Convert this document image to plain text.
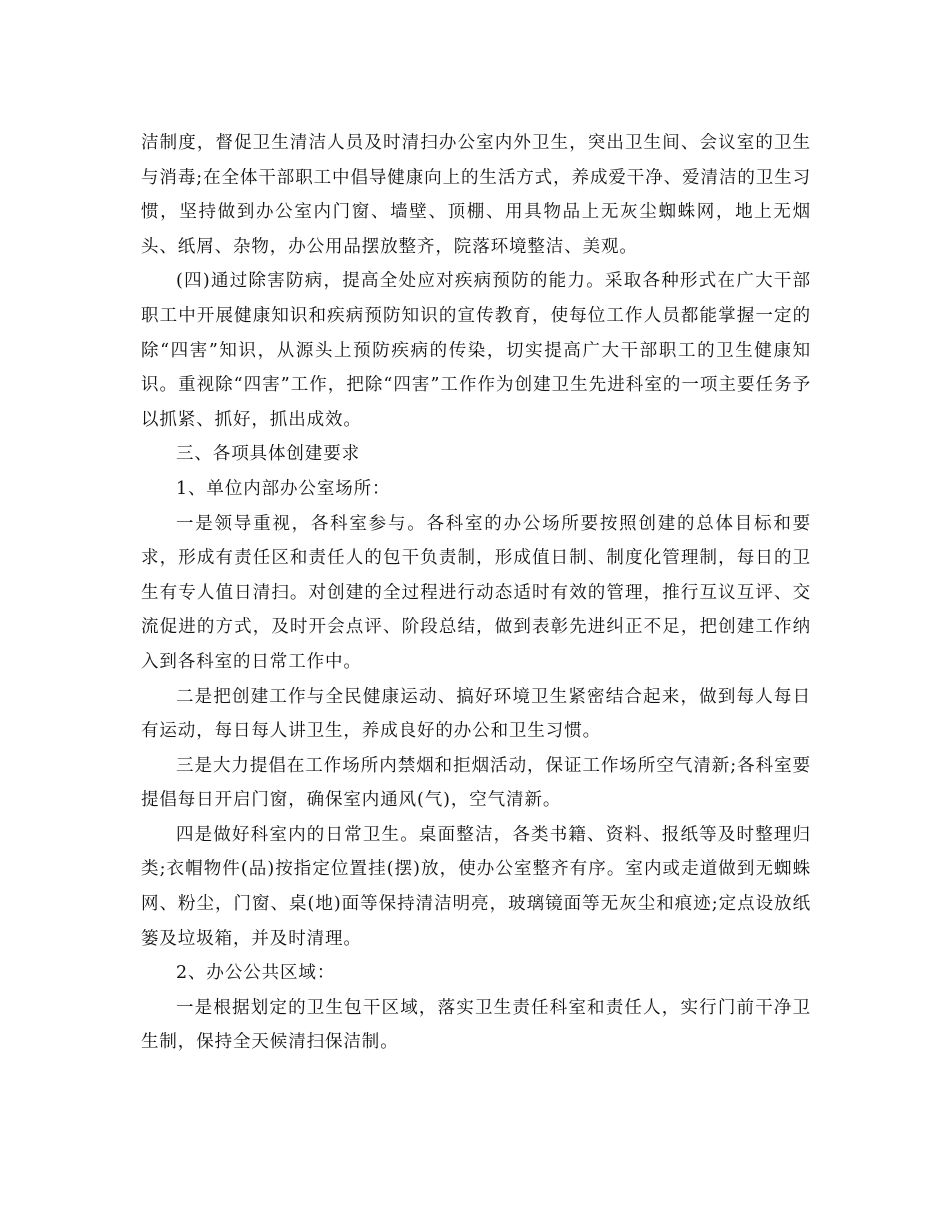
洁制度，督促卫生清洁人员及时清扫办公室内外卫生，突出卫生间、会议室的卫生与消毒;在全体干部职工中倡导健康向上的生活方式，养成爱干净、爱清洁的卫生习惯，坚持做到办公室内门窗、墙壁、顶棚、用具物品上无灰尘蜘蛛网，地上无烟头、纸屑、杂物，办公用品摆放整齐，院落环境整洁、美观。

(四)通过除害防病，提高全处应对疾病预防的能力。采取各种形式在广大干部职工中开展健康知识和疾病预防知识的宣传教育，使每位工作人员都能掌握一定的除“四害”知识，从源头上预防疾病的传染，切实提高广大干部职工的卫生健康知识。重视除“四害”工作，把除“四害”工作作为创建卫生先进科室的一项主要任务予以抓紧、抓好，抓出成效。

三、各项具体创建要求

1、单位内部办公室场所：

一是领导重视，各科室参与。各科室的办公场所要按照创建的总体目标和要求，形成有责任区和责任人的包干负责制，形成值日制、制度化管理制，每日的卫生有专人值日清扫。对创建的全过程进行动态适时有效的管理，推行互议互评、交流促进的方式，及时开会点评、阶段总结，做到表彰先进纠正不足，把创建工作纳入到各科室的日常工作中。

二是把创建工作与全民健康运动、搞好环境卫生紧密结合起来，做到每人每日有运动，每日每人讲卫生，养成良好的办公和卫生习惯。

三是大力提倡在工作场所内禁烟和拒烟活动，保证工作场所空气清新;各科室要提倡每日开启门窗，确保室内通风(气)，空气清新。

四是做好科室内的日常卫生。桌面整洁，各类书籍、资料、报纸等及时整理归类;衣帽物件(品)按指定位置挂(摆)放，使办公室整齐有序。室内或走道做到无蜘蛛网、粉尘，门窗、桌(地)面等保持清洁明亮，玻璃镜面等无灰尘和痕迹;定点设放纸篓及垃圾箱，并及时清理。

2、办公公共区域：

一是根据划定的卫生包干区域，落实卫生责任科室和责任人，实行门前干净卫生制，保持全天候清扫保洁制。
